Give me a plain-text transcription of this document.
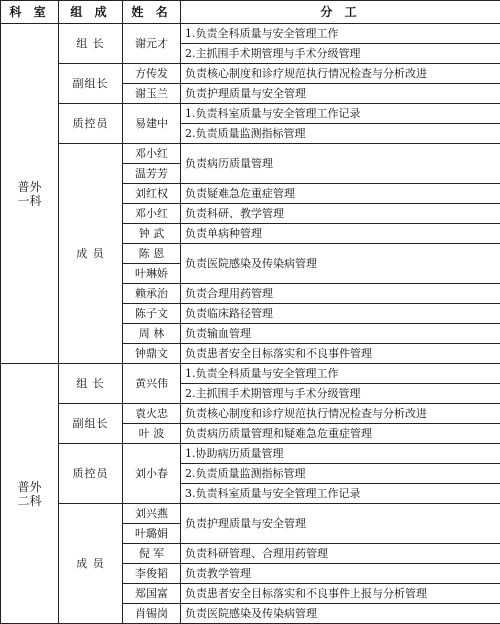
科 室	组 成	姓 名	分 工

普外
一科	组 长	谢元才	1.负责全科质量与安全管理工作
			2.主抓围手术期管理与手术分级管理
	副组长	方传发	负责核心制度和诊疗规范执行情况检查与分析改进
		谢玉兰	负责护理质量与安全管理
	质控员	易建中	1.负责科室质量与安全管理工作记录
			2.负责质量监测指标管理
	成 员	邓小红	负责病历质量管理
		温芳芳	
		刘红权	负责疑难急危重症管理
		邓小红	负责科研、教学管理
		钟 武	负责单病种管理
		陈 恩	负责医院感染及传染病管理
		叶琳娇	
		赖承治	负责合理用药管理
		陈子文	负责临床路径管理
		周 林	负责输血管理
		钟鼎文	负责患者安全目标落实和不良事件管理

普外
二科	组 长	黄兴伟	1.负责全科质量与安全管理工作
			2.主抓围手术期管理与手术分级管理
	副组长	袁火忠	负责核心制度和诊疗规范执行情况检查与分析改进
		叶 波	负责病历质量管理和疑难急危重症管理
	质控员	刘小春	1.协助病历质量管理
			2.负责质量监测指标管理
			3.负责科室质量与安全管理工作记录
	成 员	刘兴燕	负责护理质量与安全管理
		叶璐娟	
		倪 军	负责科研管理、合理用药管理
		李俊韬	负责教学管理
		郑国富	负责患者安全目标落实和不良事件上报与分析管理
		肖锡岗	负责医院感染及传染病管理
